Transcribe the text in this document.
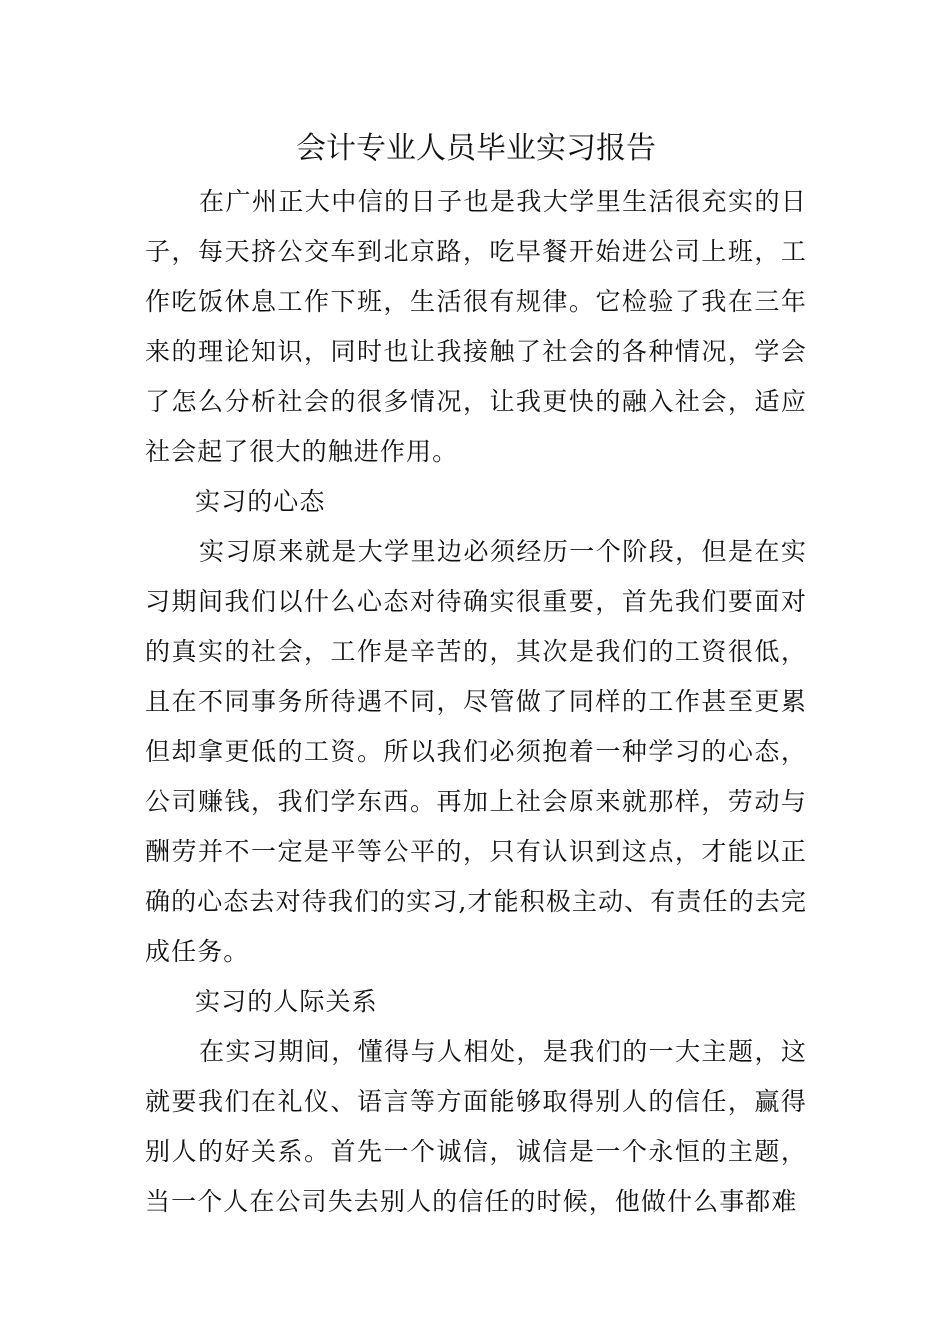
会计专业人员毕业实习报告

在广州正大中信的日子也是我大学里生活很充实的日子，每天挤公交车到北京路，吃早餐开始进公司上班，工作吃饭休息工作下班，生活很有规律。它检验了我在三年来的理论知识，同时也让我接触了社会的各种情况，学会了怎么分析社会的很多情况，让我更快的融入社会，适应社会起了很大的触进作用。

实习的心态

实习原来就是大学里边必须经历一个阶段，但是在实习期间我们以什么心态对待确实很重要，首先我们要面对的真实的社会，工作是辛苦的，其次是我们的工资很低，且在不同事务所待遇不同，尽管做了同样的工作甚至更累但却拿更低的工资。所以我们必须抱着一种学习的心态，公司赚钱，我们学东西。再加上社会原来就那样，劳动与酬劳并不一定是平等公平的，只有认识到这点，才能以正确的心态去对待我们的实习,才能积极主动、有责任的去完成任务。

实习的人际关系

在实习期间，懂得与人相处，是我们的一大主题，这就要我们在礼仪、语言等方面能够取得别人的信任，赢得别人的好关系。首先一个诚信，诚信是一个永恒的主题，当一个人在公司失去别人的信任的时候，他做什么事都难
